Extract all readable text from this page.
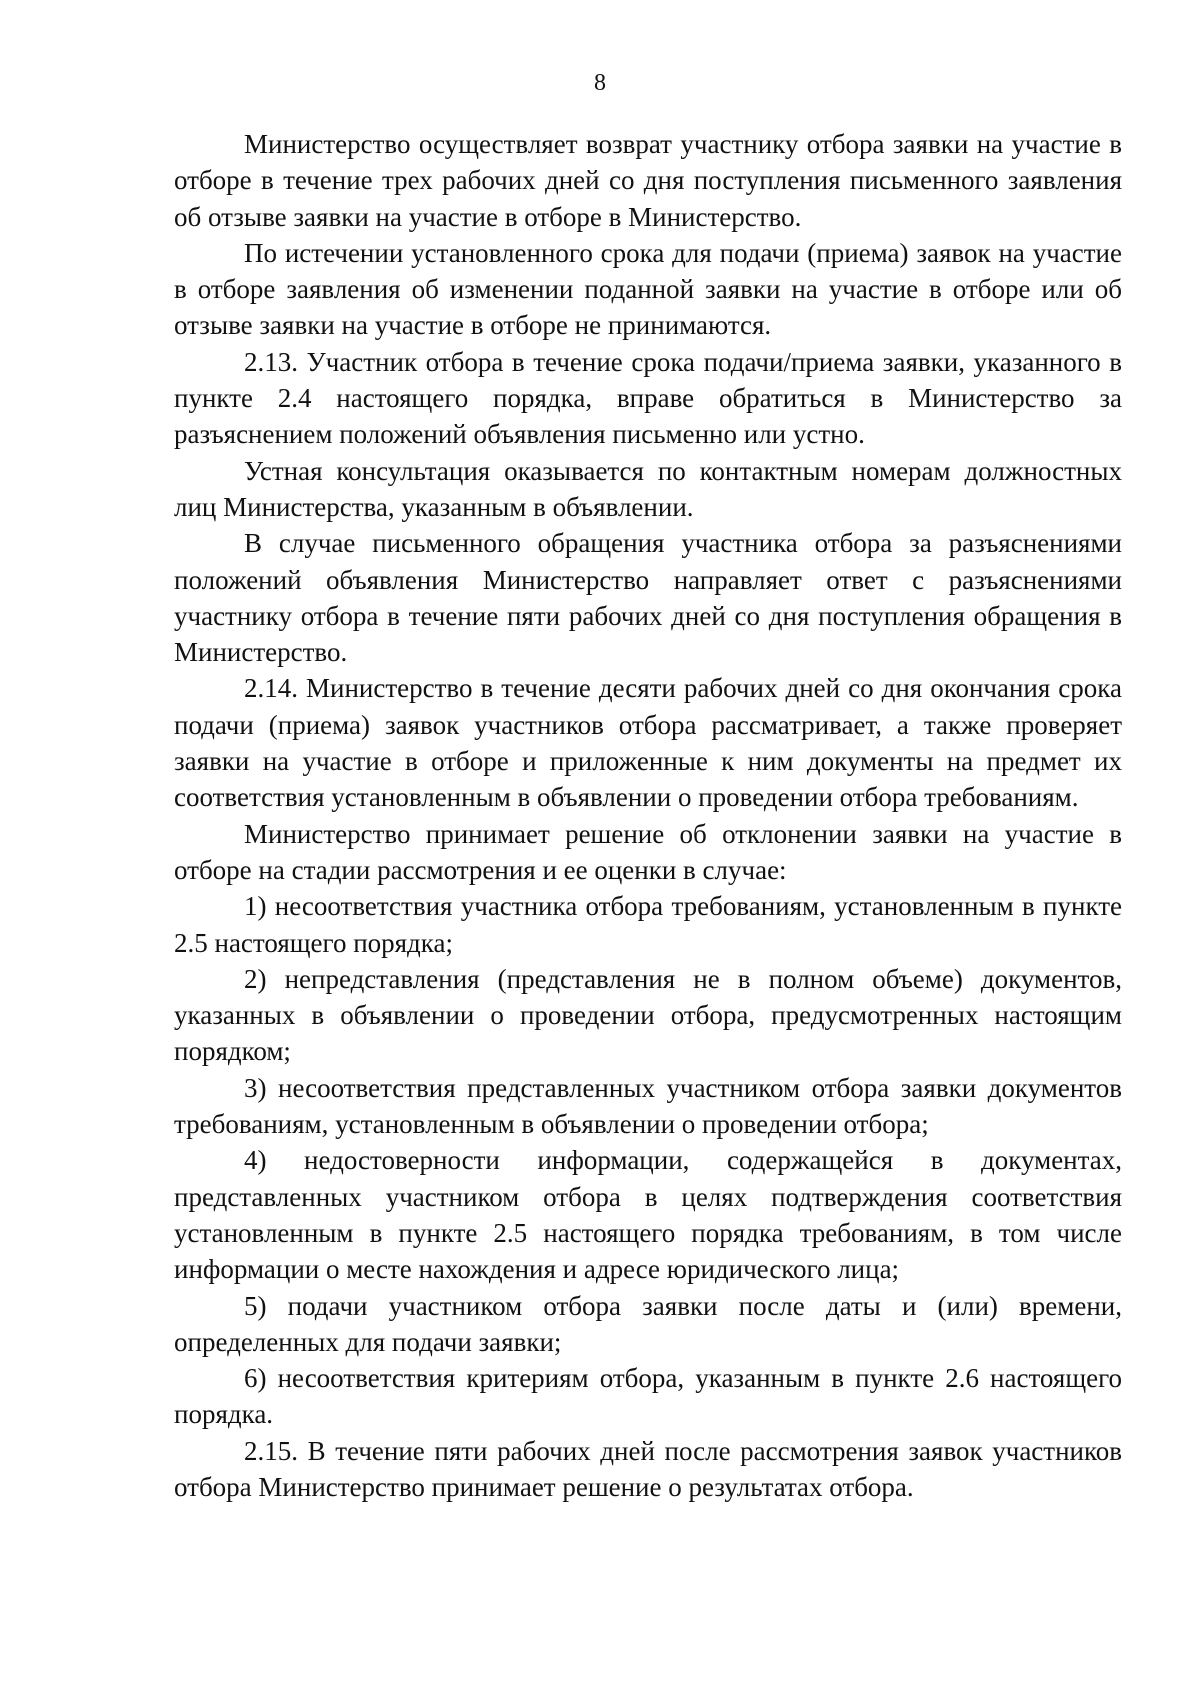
8

Министерство осуществляет возврат участнику отбора заявки на участие в отборе в течение трех рабочих дней со дня поступления письменного заявления об отзыве заявки на участие в отборе в Министерство.

По истечении установленного срока для подачи (приема) заявок на участие в отборе заявления об изменении поданной заявки на участие в отборе или об отзыве заявки на участие в отборе не принимаются.

2.13. Участник отбора в течение срока подачи/приема заявки, указанного в пункте 2.4 настоящего порядка, вправе обратиться в Министерство за разъяснением положений объявления письменно или устно.

Устная консультация оказывается по контактным номерам должностных лиц Министерства, указанным в объявлении.

В случае письменного обращения участника отбора за разъяснениями положений объявления Министерство направляет ответ с разъяснениями участнику отбора в течение пяти рабочих дней со дня поступления обращения в Министерство.

2.14. Министерство в течение десяти рабочих дней со дня окончания срока подачи (приема) заявок участников отбора рассматривает, а также проверяет заявки на участие в отборе и приложенные к ним документы на предмет их соответствия установленным в объявлении о проведении отбора требованиям.

Министерство принимает решение об отклонении заявки на участие в отборе на стадии рассмотрения и ее оценки в случае:

1) несоответствия участника отбора требованиям, установленным в пункте 2.5 настоящего порядка;

2) непредставления (представления не в полном объеме) документов, указанных в объявлении о проведении отбора, предусмотренных настоящим порядком;

3) несоответствия представленных участником отбора заявки документов требованиям, установленным в объявлении о проведении отбора;

4) недостоверности информации, содержащейся в документах, представленных участником отбора в целях подтверждения соответствия установленным в пункте 2.5 настоящего порядка требованиям, в том числе информации о месте нахождения и адресе юридического лица;

5) подачи участником отбора заявки после даты и (или) времени, определенных для подачи заявки;

6) несоответствия критериям отбора, указанным в пункте 2.6 настоящего порядка.

2.15. В течение пяти рабочих дней после рассмотрения заявок участников отбора Министерство принимает решение о результатах отбора.
